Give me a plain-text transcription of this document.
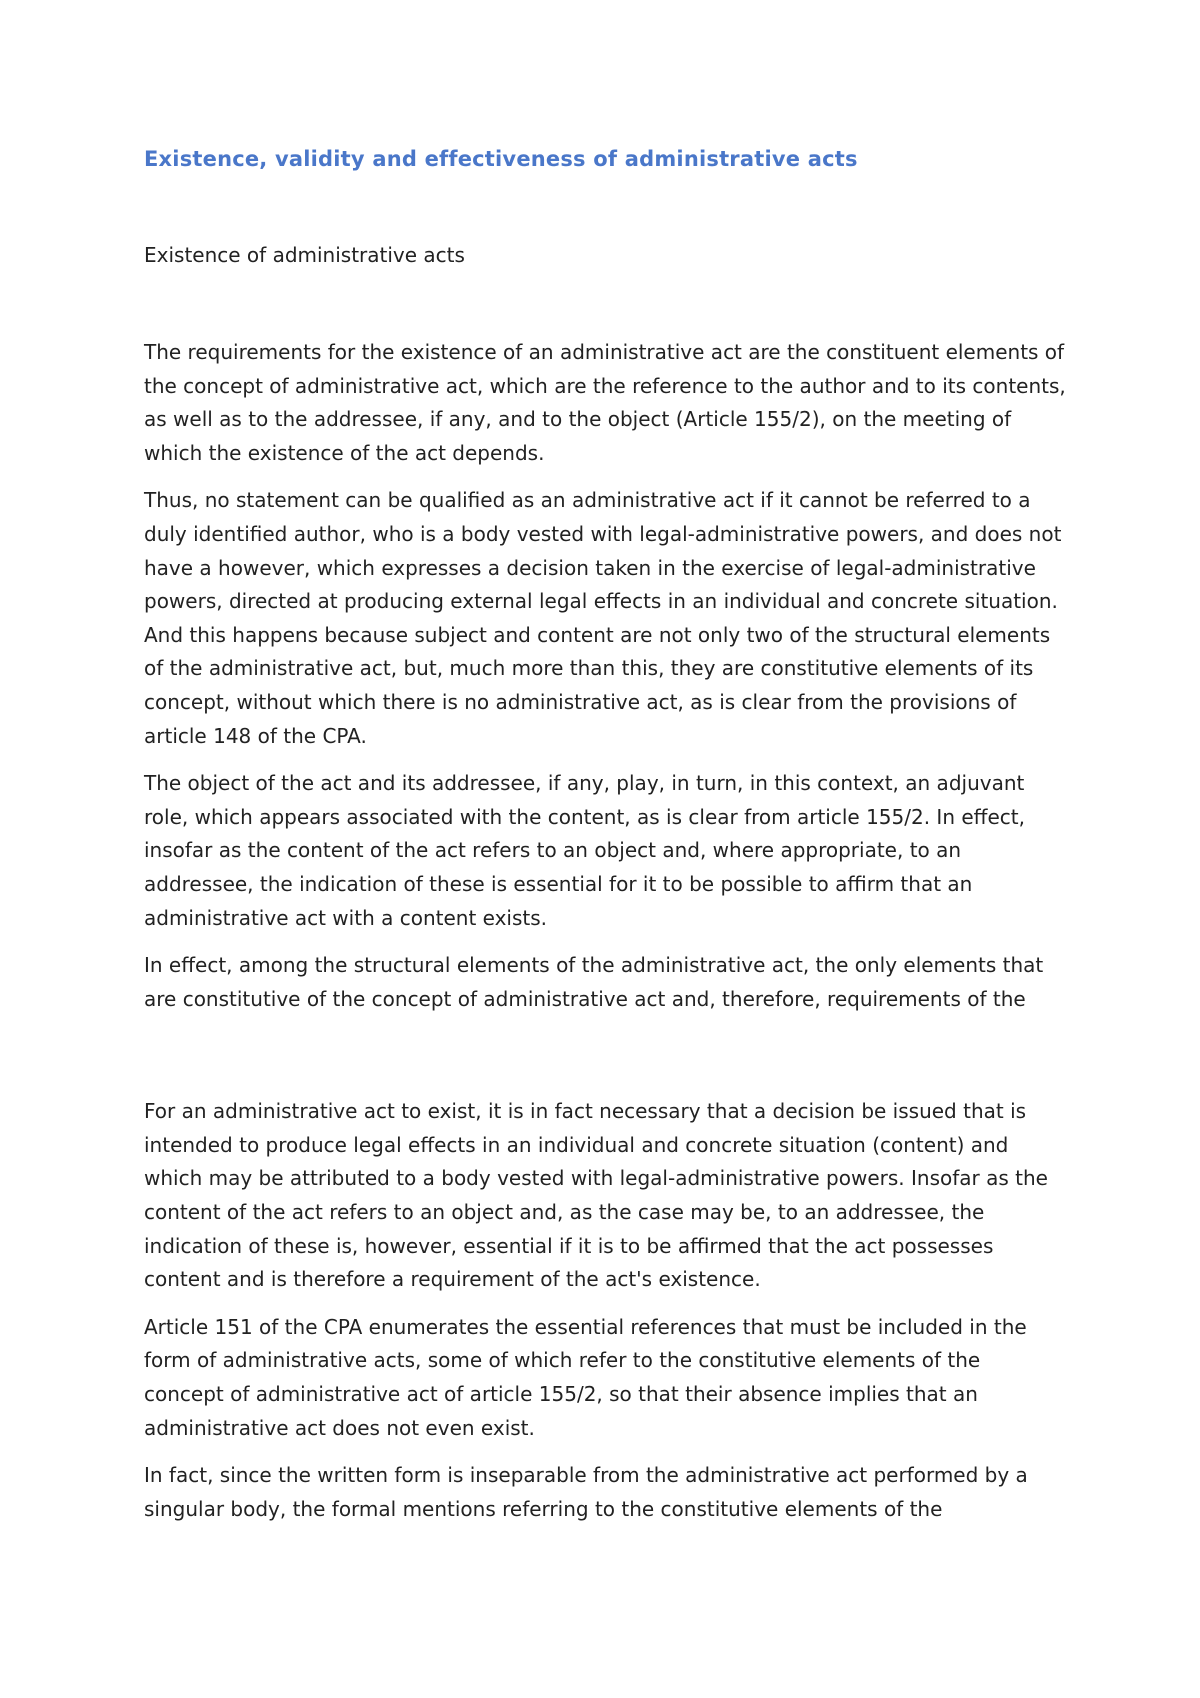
Existence, validity and effectiveness of administrative acts
Existence of administrative acts

The requirements for the existence of an administrative act are the constituent elements of the concept of administrative act, which are the reference to the author and to its contents, as well as to the addressee, if any, and to the object (Article 155/2), on the meeting of which the existence of the act depends.

Thus, no statement can be qualified as an administrative act if it cannot be referred to a duly identified author, who is a body vested with legal-administrative powers, and does not have a however, which expresses a decision taken in the exercise of legal-administrative powers, directed at producing external legal effects in an individual and concrete situation. And this happens because subject and content are not only two of the structural elements of the administrative act, but, much more than this, they are constitutive elements of its concept, without which there is no administrative act, as is clear from the provisions of article 148 of the CPA.

The object of the act and its addressee, if any, play, in turn, in this context, an adjuvant role, which appears associated with the content, as is clear from article 155/2. In effect, insofar as the content of the act refers to an object and, where appropriate, to an addressee, the indication of these is essential for it to be possible to affirm that an administrative act with a content exists.

In effect, among the structural elements of the administrative act, the only elements that are constitutive of the concept of administrative act and, therefore, requirements of the

For an administrative act to exist, it is in fact necessary that a decision be issued that is intended to produce legal effects in an individual and concrete situation (content) and which may be attributed to a body vested with legal-administrative powers. Insofar as the content of the act refers to an object and, as the case may be, to an addressee, the indication of these is, however, essential if it is to be affirmed that the act possesses content and is therefore a requirement of the act's existence.

Article 151 of the CPA enumerates the essential references that must be included in the form of administrative acts, some of which refer to the constitutive elements of the concept of administrative act of article 155/2, so that their absence implies that an administrative act does not even exist.

In fact, since the written form is inseparable from the administrative act performed by a singular body, the formal mentions referring to the constitutive elements of the
